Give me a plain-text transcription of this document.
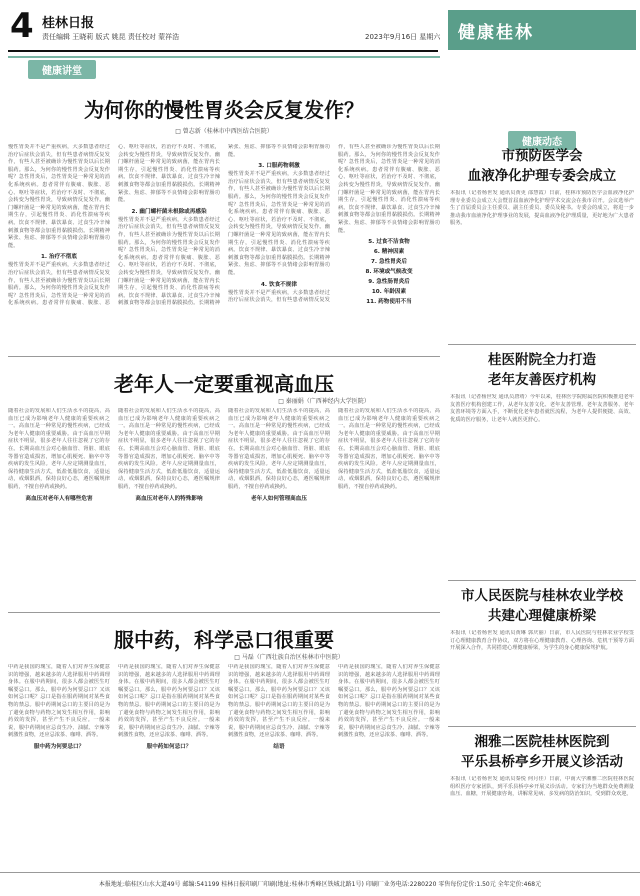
4 桂林日报
责任编辑 王晓莉 版式 姚昆 责任校对 蒙祥浩	2023年9月16日 星期六	健康桂林
健康讲堂
为何你的慢性胃炎会反复发作？
□ 曾志新（桂林市中西医结合医院）
慢性胃炎并不是严重疾病，大多数患者经过治疗后症状会消失，但有些患者病情反复发作，有些人甚至被确诊为慢性胃炎以后长期服药。那么，为何你的慢性胃炎会反复发作呢？急性胃炎后，急性胃炎是一种常见的消化系统疾病。患者常伴有腹痛、腹胀、恶心、呕吐等症状，若治疗不及时、不彻底，会转变为慢性胃炎，导致病情反复发作。幽门螺杆菌是一种常见的致病菌，能在胃内长期生存，引起慢性胃炎、消化性溃疡等疾病。饮食不规律、暴饮暴食、过食生冷辛辣刺激食物等都会加重胃黏膜损伤。长期精神紧张、焦虑、抑郁等不良情绪会影响胃肠功能。
1. 治疗不彻底
慢性胃炎并不是严重疾病，大多数患者经过治疗后症状会消失，但有些患者病情反复发作，有些人甚至被确诊为慢性胃炎以后长期服药。那么，为何你的慢性胃炎会反复发作呢？急性胃炎后，急性胃炎是一种常见的消化系统疾病。患者常伴有腹痛、腹胀、恶心、呕吐等症状，若治疗不及时、不彻底，会转变为慢性胃炎，导致病情反复发作。幽门螺杆菌是一种常见的致病菌，能在胃内长期生存，引起慢性胃炎、消化性溃疡等疾病。饮食不规律、暴饮暴食、过食生冷辛辣刺激食物等都会加重胃黏膜损伤。长期精神紧张、焦虑、抑郁等不良情绪会影响胃肠功能。
2. 幽门螺杆菌未根除或再感染
慢性胃炎并不是严重疾病，大多数患者经过治疗后症状会消失，但有些患者病情反复发作，有些人甚至被确诊为慢性胃炎以后长期服药。那么，为何你的慢性胃炎会反复发作呢？急性胃炎后，急性胃炎是一种常见的消化系统疾病。患者常伴有腹痛、腹胀、恶心、呕吐等症状，若治疗不及时、不彻底，会转变为慢性胃炎，导致病情反复发作。幽门螺杆菌是一种常见的致病菌，能在胃内长期生存，引起慢性胃炎、消化性溃疡等疾病。饮食不规律、暴饮暴食、过食生冷辛辣刺激食物等都会加重胃黏膜损伤。长期精神紧张、焦虑、抑郁等不良情绪会影响胃肠功能。
3. 口服药物刺激
慢性胃炎并不是严重疾病，大多数患者经过治疗后症状会消失，但有些患者病情反复发作，有些人甚至被确诊为慢性胃炎以后长期服药。那么，为何你的慢性胃炎会反复发作呢？急性胃炎后，急性胃炎是一种常见的消化系统疾病。患者常伴有腹痛、腹胀、恶心、呕吐等症状，若治疗不及时、不彻底，会转变为慢性胃炎，导致病情反复发作。幽门螺杆菌是一种常见的致病菌，能在胃内长期生存，引起慢性胃炎、消化性溃疡等疾病。饮食不规律、暴饮暴食、过食生冷辛辣刺激食物等都会加重胃黏膜损伤。长期精神紧张、焦虑、抑郁等不良情绪会影响胃肠功能。
4. 饮食不规律
慢性胃炎并不是严重疾病，大多数患者经过治疗后症状会消失，但有些患者病情反复发作，有些人甚至被确诊为慢性胃炎以后长期服药。那么，为何你的慢性胃炎会反复发作呢？急性胃炎后，急性胃炎是一种常见的消化系统疾病。患者常伴有腹痛、腹胀、恶心、呕吐等症状，若治疗不及时、不彻底，会转变为慢性胃炎，导致病情反复发作。幽门螺杆菌是一种常见的致病菌，能在胃内长期生存，引起慢性胃炎、消化性溃疡等疾病。饮食不规律、暴饮暴食、过食生冷辛辣刺激食物等都会加重胃黏膜损伤。长期精神紧张、焦虑、抑郁等不良情绪会影响胃肠功能。
5. 过食不洁食物
6. 精神因素
7. 急性胃炎后
8. 环境或气候改变
9. 急性肠胃炎后
10. 年龄因素
11. 药物使用不当
老年人一定要重视高血压
□ 秦丽娟（广西神经内大学医院）
随着社会的发展和人们生活水平的提高，高血压已成为影响老年人健康的重要疾病之一。高血压是一种常见的慢性疾病，已经成为老年人健康的重要威胁。由于高血压早期症状不明显，很多老年人往往忽视了它的存在。长期高血压会对心脑血管、肾脏、眼底等器官造成损害，增加心肌梗死、脑卒中等疾病的发生风险。老年人应定期测量血压，保持健康生活方式，低盐低脂饮食，适量运动，戒烟限酒，保持良好心态，遵医嘱规律服药，不擅自停药或换药。
高血压对老年人有哪些危害
随着社会的发展和人们生活水平的提高，高血压已成为影响老年人健康的重要疾病之一。高血压是一种常见的慢性疾病，已经成为老年人健康的重要威胁。由于高血压早期症状不明显，很多老年人往往忽视了它的存在。长期高血压会对心脑血管、肾脏、眼底等器官造成损害，增加心肌梗死、脑卒中等疾病的发生风险。老年人应定期测量血压，保持健康生活方式，低盐低脂饮食，适量运动，戒烟限酒，保持良好心态，遵医嘱规律服药，不擅自停药或换药。
高血压对老年人的特殊影响
随着社会的发展和人们生活水平的提高，高血压已成为影响老年人健康的重要疾病之一。高血压是一种常见的慢性疾病，已经成为老年人健康的重要威胁。由于高血压早期症状不明显，很多老年人往往忽视了它的存在。长期高血压会对心脑血管、肾脏、眼底等器官造成损害，增加心肌梗死、脑卒中等疾病的发生风险。老年人应定期测量血压，保持健康生活方式，低盐低脂饮食，适量运动，戒烟限酒，保持良好心态，遵医嘱规律服药，不擅自停药或换药。
老年人如何管理高血压
随着社会的发展和人们生活水平的提高，高血压已成为影响老年人健康的重要疾病之一。高血压是一种常见的慢性疾病，已经成为老年人健康的重要威胁。由于高血压早期症状不明显，很多老年人往往忽视了它的存在。长期高血压会对心脑血管、肾脏、眼底等器官造成损害，增加心肌梗死、脑卒中等疾病的发生风险。老年人应定期测量血压，保持健康生活方式，低盐低脂饮食，适量运动，戒烟限酒，保持良好心态，遵医嘱规律服药，不擅自停药或换药。
服中药，科学忌口很重要
□ 马磊（广西壮族自治区桂林市中医院）
中药是我国的瑰宝，随着人们对养生保健意识的增强，越来越多的人选择服用中药调理身体。在服中药期间，很多人都会被医生叮嘱要忌口。那么，服中药为何要忌口？又该如何忌口呢？忌口是指在服药期间对某些食物的禁忌。服中药期间忌口的主要目的是为了避免食物与药物之间发生相互作用，影响药效的发挥，甚至产生不良反应。一般来说，服中药期间应忌食生冷、油腻、辛辣等刺激性食物，还应忌浓茶、咖啡、酒等。
服中药为何要忌口？
中药是我国的瑰宝，随着人们对养生保健意识的增强，越来越多的人选择服用中药调理身体。在服中药期间，很多人都会被医生叮嘱要忌口。那么，服中药为何要忌口？又该如何忌口呢？忌口是指在服药期间对某些食物的禁忌。服中药期间忌口的主要目的是为了避免食物与药物之间发生相互作用，影响药效的发挥，甚至产生不良反应。一般来说，服中药期间应忌食生冷、油腻、辛辣等刺激性食物，还应忌浓茶、咖啡、酒等。
服中药如何忌口？
中药是我国的瑰宝，随着人们对养生保健意识的增强，越来越多的人选择服用中药调理身体。在服中药期间，很多人都会被医生叮嘱要忌口。那么，服中药为何要忌口？又该如何忌口呢？忌口是指在服药期间对某些食物的禁忌。服中药期间忌口的主要目的是为了避免食物与药物之间发生相互作用，影响药效的发挥，甚至产生不良反应。一般来说，服中药期间应忌食生冷、油腻、辛辣等刺激性食物，还应忌浓茶、咖啡、酒等。
结语
中药是我国的瑰宝，随着人们对养生保健意识的增强，越来越多的人选择服用中药调理身体。在服中药期间，很多人都会被医生叮嘱要忌口。那么，服中药为何要忌口？又该如何忌口呢？忌口是指在服药期间对某些食物的禁忌。服中药期间忌口的主要目的是为了避免食物与药物之间发生相互作用，影响药效的发挥，甚至产生不良反应。一般来说，服中药期间应忌食生冷、油腻、辛辣等刺激性食物，还应忌浓茶、咖啡、酒等。
健康动态
市预防医学会
血液净化护理专委会成立
本报讯（记者杨世发 通讯员黄更 邵慧霞）日前，桂林市预防医学会血液净化护理专业委员会成立大会暨首届血液净化护理学术交流会在我市召开。会议选举产生了首届委员会主任委员、副主任委员、委员及秘书。专委会的成立，将进一步推动我市血液净化护理事业的发展，提高血液净化护理质量，更好地为广大患者服务。
桂医附院全力打造
老年友善医疗机构
本报讯（记者杨世发 通讯员唐靖）今年以来，桂林医学院附属医院积极推进老年友善医疗机构创建工作，从老年友善文化、老年友善管理、老年友善服务、老年友善环境等方面入手，不断优化老年患者就医流程，为老年人提供便捷、高效、优质的医疗服务，让老年人就医更舒心。
市人民医院与桂林农业学校
共建心理健康桥梁
本报讯（记者杨世发 通讯员黄琳 郭庆丽）日前，市人民医院与桂林农业学校签订心理健康教育合作协议，双方将在心理健康教育、心理咨询、危机干预等方面开展深入合作，共同搭建心理健康桥梁，为学生的身心健康保驾护航。
湘雅二医院桂林医院到
平乐县桥亭乡开展义诊活动
本报讯（记者杨世发 通讯员秦悦 何月佳）日前，中南大学湘雅二医院桂林医院组织医疗专家团队，到平乐县桥亭乡开展义诊活动。专家们为当地群众免费测量血压、血糖，开展健康咨询，讲解常见病、多发病的防治知识，受到群众欢迎。
本报地址:临桂区山水大道49号 邮编:541199 桂林日报印刷厂印刷(地址:桂林市秀峰区铁城北路1号) 印刷厂业务电话:2280220 零售每份定价:1.50元 全年定价:468元
